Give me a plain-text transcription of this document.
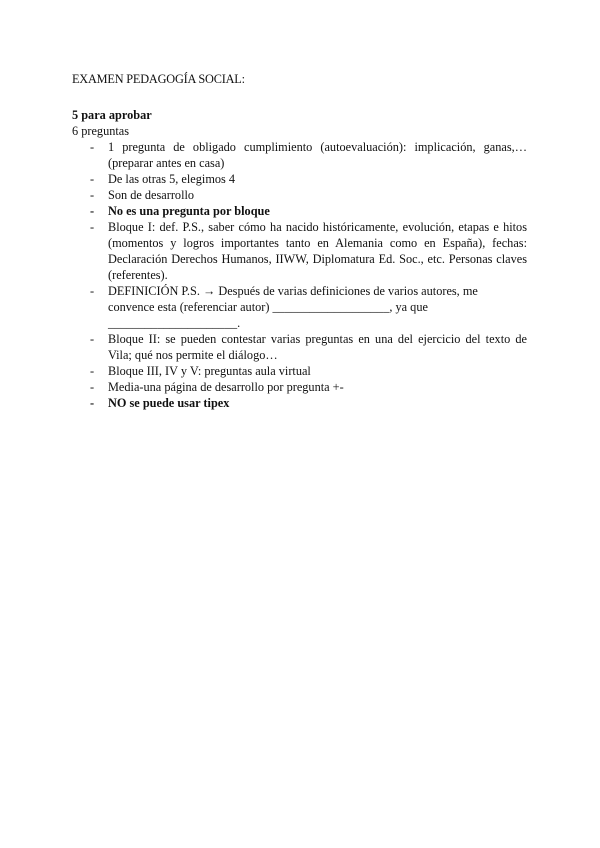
EXAMEN PEDAGOGÍA SOCIAL:

5 para aprobar

6 preguntas

- 1 pregunta de obligado cumplimiento (autoevaluación): implicación, ganas,… (preparar antes en casa)
- De las otras 5, elegimos 4
- Son de desarrollo
- No es una pregunta por bloque
- Bloque I: def. P.S., saber cómo ha nacido históricamente, evolución, etapas e hitos (momentos y logros importantes tanto en Alemania como en España), fechas: Declaración Derechos Humanos, IIWW, Diplomatura Ed. Soc., etc. Personas claves (referentes).
- DEFINICIÓN P.S. → Después de varias definiciones de varios autores, me convence esta (referenciar autor) ___________________, ya que _____________________.
- Bloque II: se pueden contestar varias preguntas en una del ejercicio del texto de Vila; qué nos permite el diálogo…
- Bloque III, IV y V: preguntas aula virtual
- Media-una página de desarrollo por pregunta +-
- NO se puede usar tipex
